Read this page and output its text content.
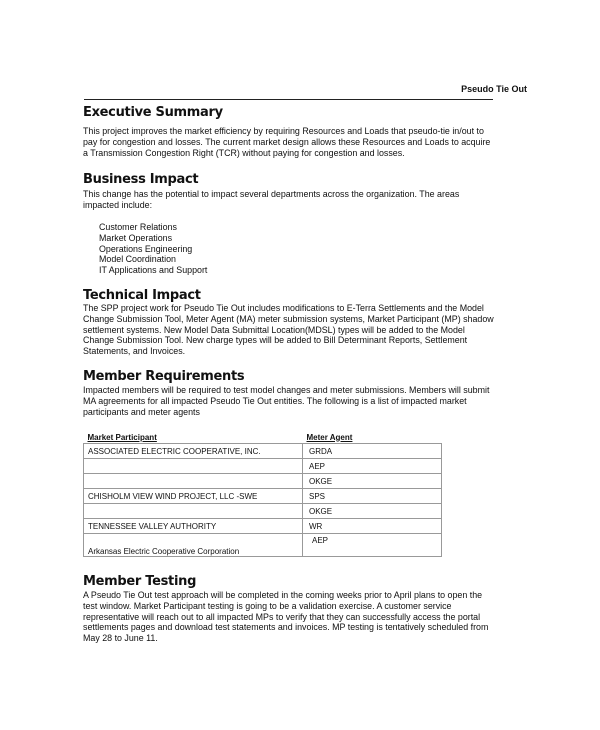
Pseudo Tie Out
Executive Summary
This project improves the market efficiency by requiring Resources and Loads that pseudo-tie in/out to
pay for congestion and losses. The current market design allows these Resources and Loads to acquire
a Transmission Congestion Right (TCR) without paying for congestion and losses.
Business Impact
This change has the potential to impact several departments across the organization. The areas
impacted include:
Customer Relations
Market Operations
Operations Engineering
Model Coordination
IT Applications and Support
Technical Impact
The SPP project work for Pseudo Tie Out includes modifications to E-Terra Settlements and the Model
Change Submission Tool, Meter Agent (MA) meter submission systems, Market Participant (MP) shadow
settlement systems. New Model Data Submittal Location(MDSL) types will be added to the Model
Change Submission Tool. New charge types will be added to Bill Determinant Reports, Settlement
Statements, and Invoices.
Member Requirements
Impacted members will be required to test model changes and meter submissions. Members will submit
MA agreements for all impacted Pseudo Tie Out entities. The following is a list of impacted market
participants and meter agents
Market Participant	Meter Agent
ASSOCIATED ELECTRIC COOPERATIVE, INC.	GRDA
	AEP
	OKGE
CHISHOLM VIEW WIND PROJECT, LLC -SWE	SPS
	OKGE
TENNESSEE VALLEY AUTHORITY	WR
Arkansas Electric Cooperative Corporation	AEP
Member Testing
A Pseudo Tie Out test approach will be completed in the coming weeks prior to April plans to open the
test window. Market Participant testing is going to be a validation exercise. A customer service
representative will reach out to all impacted MPs to verify that they can successfully access the portal
settlements pages and download test statements and invoices. MP testing is tentatively scheduled from
May 28 to June 11.
